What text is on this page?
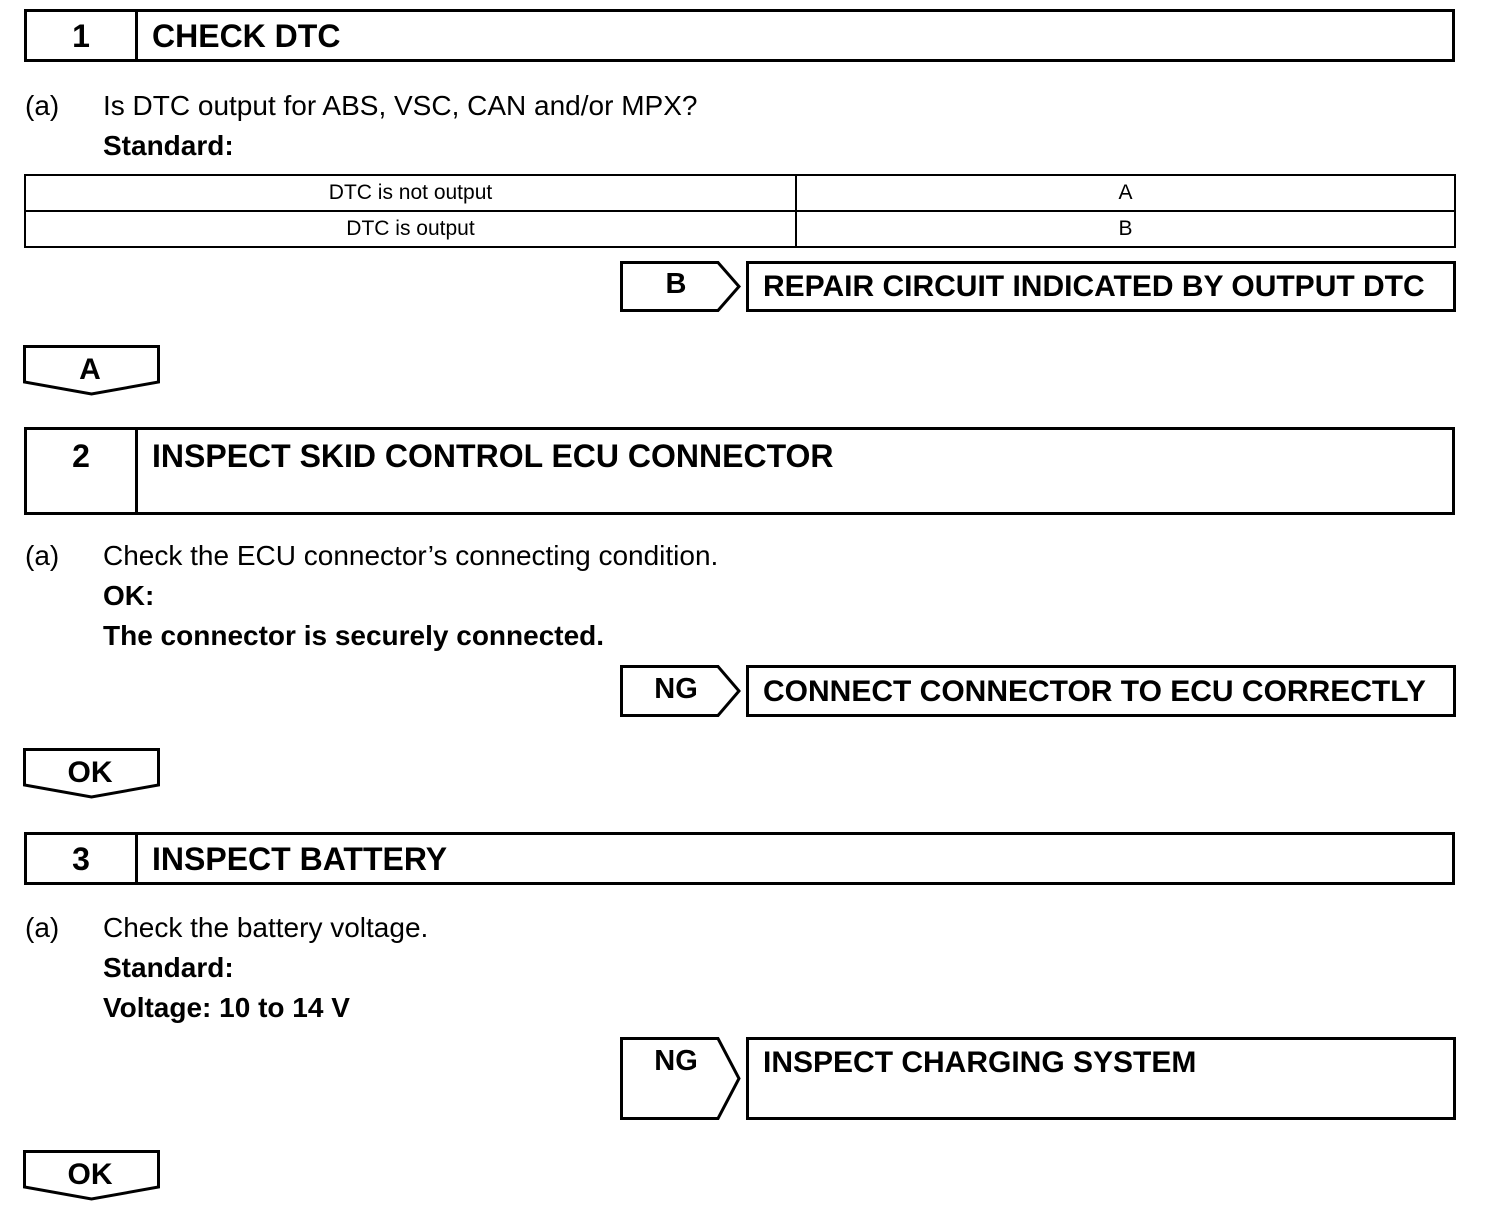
1	CHECK DTC
(a) Is DTC output for ABS, VSC, CAN and/or MPX?
Standard:
DTC is not output	A
DTC is output	B
B	REPAIR CIRCUIT INDICATED BY OUTPUT DTC
A
2	INSPECT SKID CONTROL ECU CONNECTOR
(a) Check the ECU connector’s connecting condition.
OK:
The connector is securely connected.
NG	CONNECT CONNECTOR TO ECU CORRECTLY
OK
3	INSPECT BATTERY
(a) Check the battery voltage.
Standard:
Voltage: 10 to 14 V
NG	INSPECT CHARGING SYSTEM
OK
